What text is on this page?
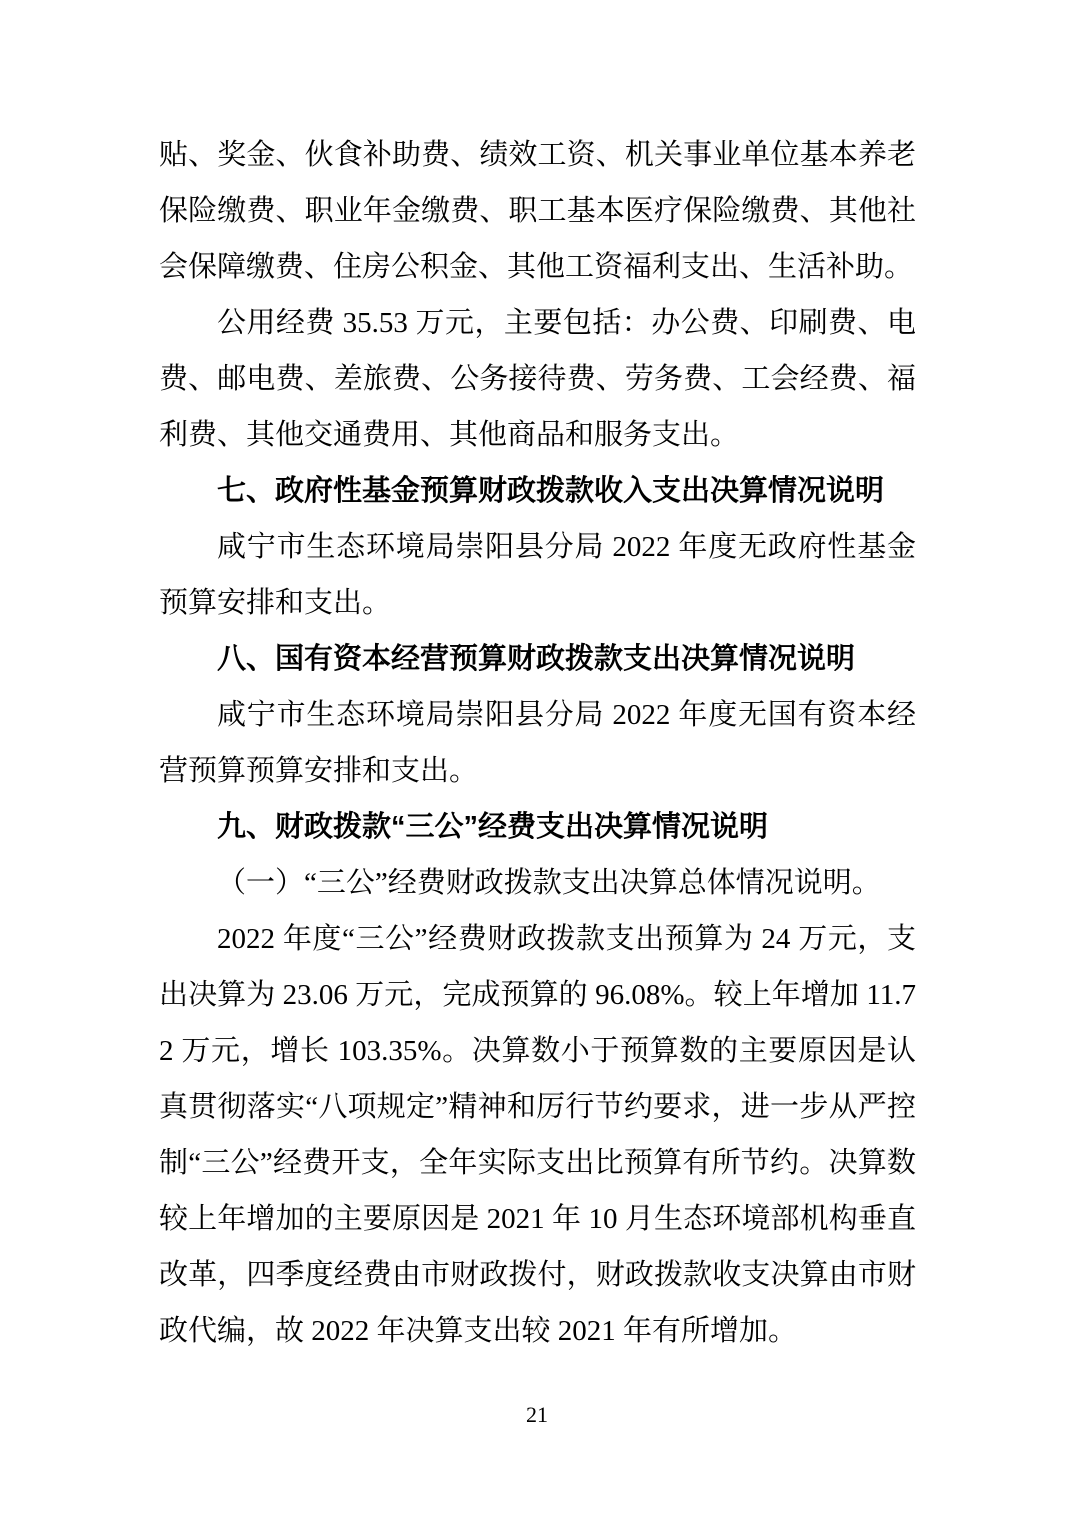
贴、奖金、伙食补助费、绩效工资、机关事业单位基本养老保险缴费、职业年金缴费、职工基本医疗保险缴费、其他社会保障缴费、住房公积金、其他工资福利支出、生活补助。

公用经费 35.53 万元，主要包括：办公费、印刷费、电费、邮电费、差旅费、公务接待费、劳务费、工会经费、福利费、其他交通费用、其他商品和服务支出。

七、政府性基金预算财政拨款收入支出决算情况说明

咸宁市生态环境局崇阳县分局 2022 年度无政府性基金预算安排和支出。

八、国有资本经营预算财政拨款支出决算情况说明

咸宁市生态环境局崇阳县分局 2022 年度无国有资本经营预算预算安排和支出。

九、财政拨款“三公”经费支出决算情况说明

（一）“三公”经费财政拨款支出决算总体情况说明。

2022 年度“三公”经费财政拨款支出预算为 24 万元，支出决算为 23.06 万元，完成预算的 96.08%。较上年增加 11.72 万元，增长 103.35%。决算数小于预算数的主要原因是认真贯彻落实“八项规定”精神和厉行节约要求，进一步从严控制“三公”经费开支，全年实际支出比预算有所节约。决算数较上年增加的主要原因是 2021 年 10 月生态环境部机构垂直改革，四季度经费由市财政拨付，财政拨款收支决算由市财政代编，故 2022 年决算支出较 2021 年有所增加。

21
